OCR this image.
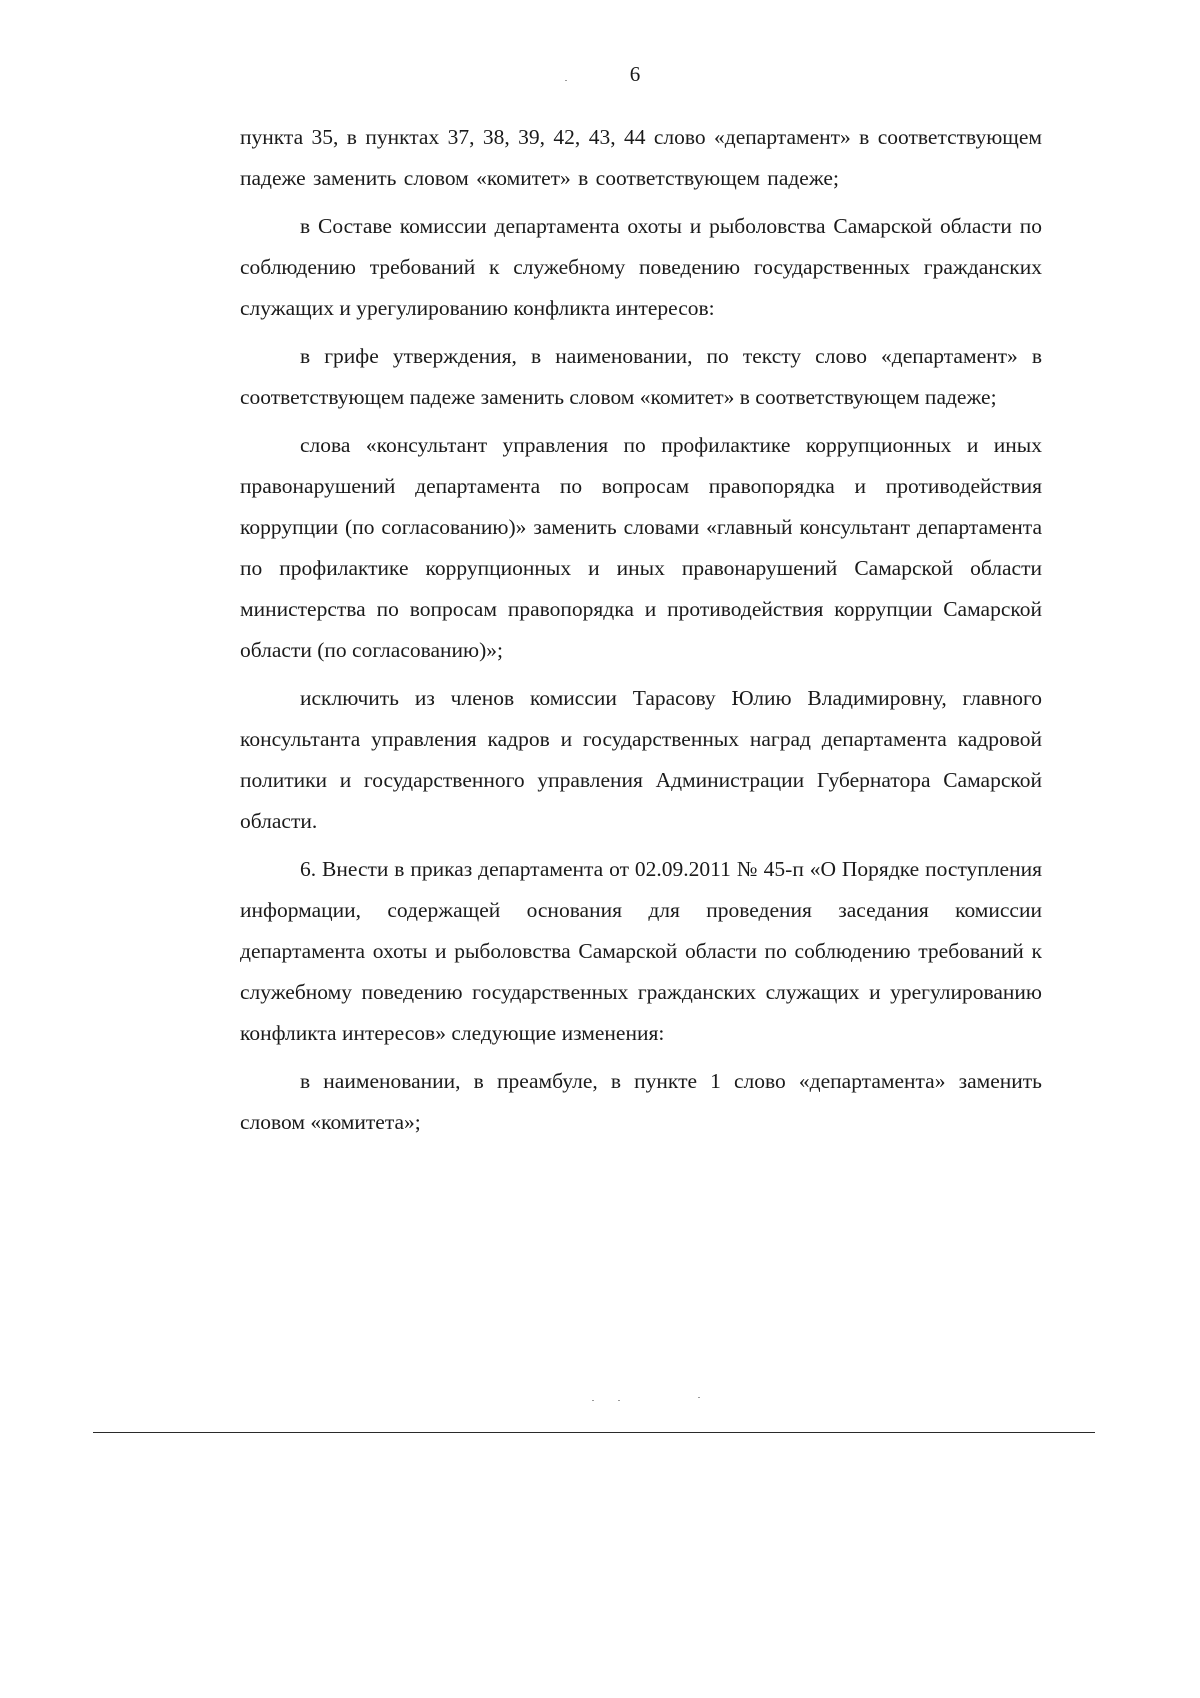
6

пункта 35, в пунктах 37, 38, 39, 42, 43, 44 слово «департамент» в соответствующем падеже заменить словом «комитет» в соответствующем падеже;

в Составе комиссии департамента охоты и рыболовства Самарской области по соблюдению требований к служебному поведению государственных гражданских служащих и урегулированию конфликта интересов:

в грифе утверждения, в наименовании, по тексту слово «департамент» в соответствующем падеже заменить словом «комитет» в соответствующем падеже;

слова «консультант управления по профилактике коррупционных и иных правонарушений департамента по вопросам правопорядка и противодействия коррупции (по согласованию)» заменить словами «главный консультант департамента по профилактике коррупционных и иных правонарушений Самарской области министерства по вопросам правопорядка и противодействия коррупции Самарской области (по согласованию)»;

исключить из членов комиссии Тарасову Юлию Владимировну, главного консультанта управления кадров и государственных наград департамента кадровой политики и государственного управления Администрации Губернатора Самарской области.

6. Внести в приказ департамента от 02.09.2011 № 45-п «О Порядке поступления информации, содержащей основания для проведения заседания комиссии департамента охоты и рыболовства Самарской области по соблюдению требований к служебному поведению государственных гражданских служащих и урегулированию конфликта интересов» следующие изменения:

в наименовании, в преамбуле, в пункте 1 слово «департамента» заменить словом «комитета»;
